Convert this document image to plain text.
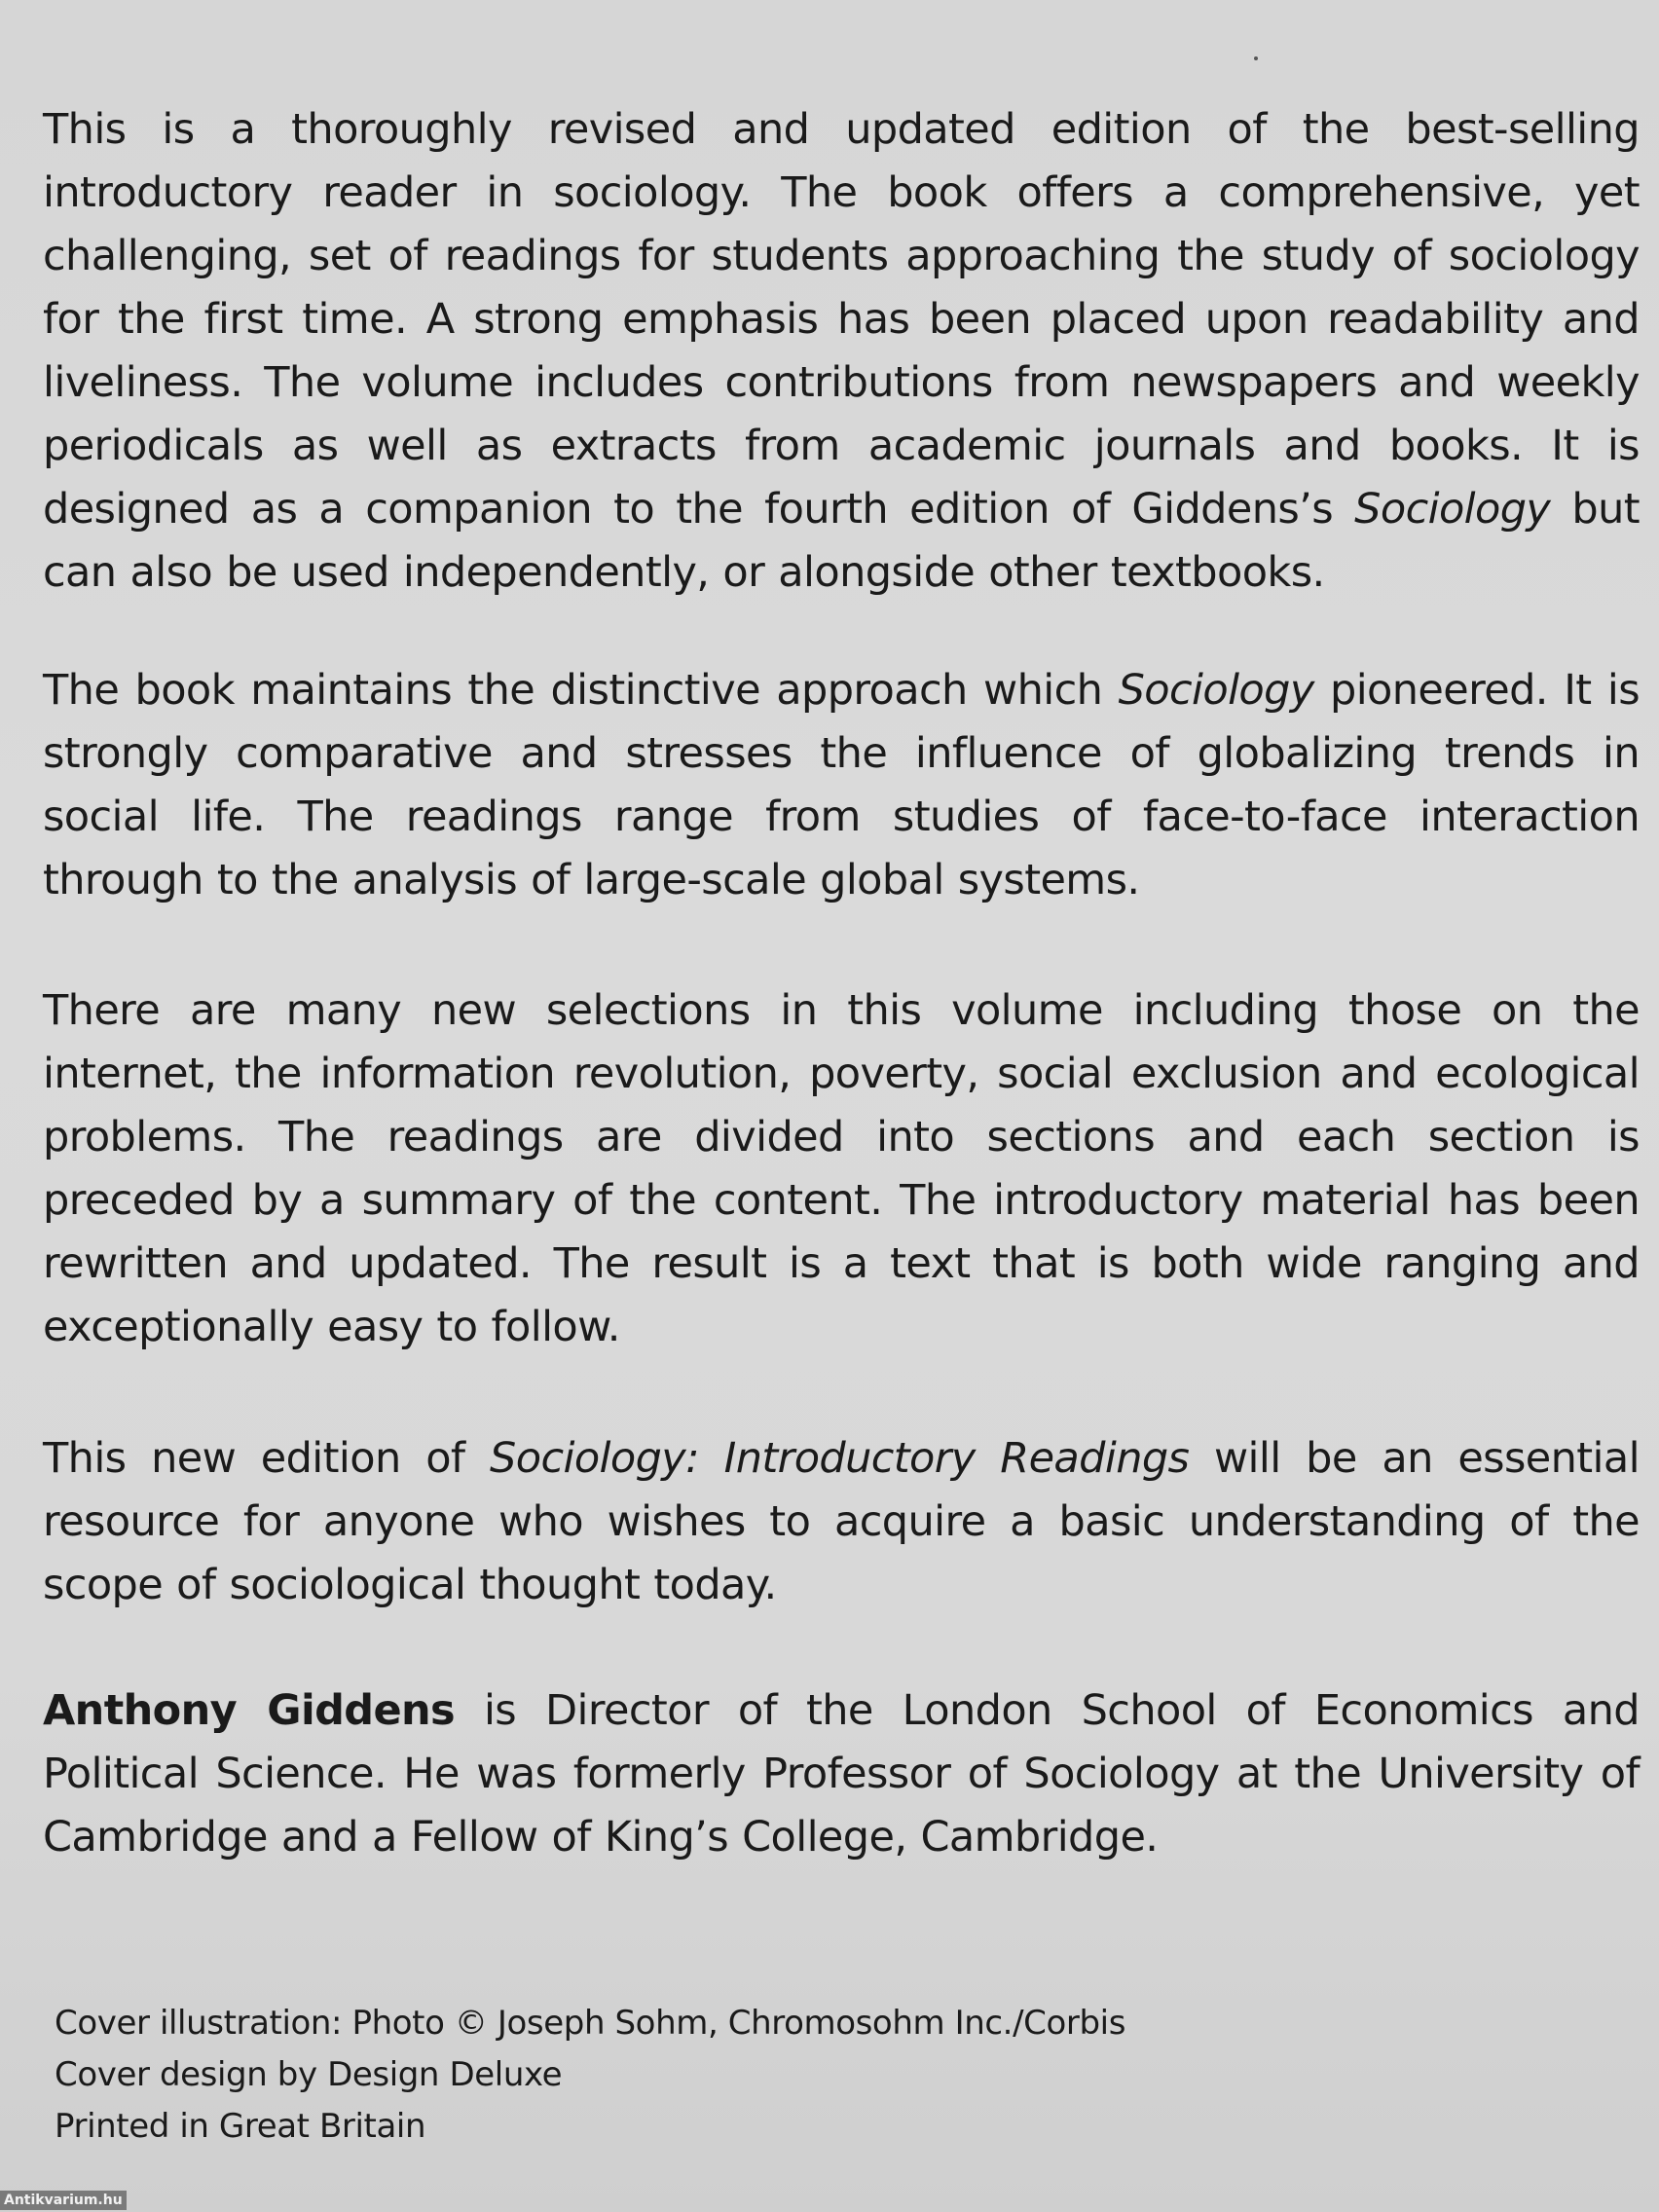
This is a thoroughly revised and updated edition of the best-selling introductory reader in sociology. The book offers a comprehensive, yet challenging, set of readings for students approaching the study of sociology for the first time. A strong emphasis has been placed upon readability and liveliness. The volume includes contributions from newspapers and weekly periodicals as well as extracts from academic journals and books. It is designed as a companion to the fourth edition of Giddens’s Sociology but can also be used independently, or alongside other textbooks.

The book maintains the distinctive approach which Sociology pioneered. It is strongly comparative and stresses the influence of globalizing trends in social life. The readings range from studies of face-to-face interaction through to the analysis of large-scale global systems.

There are many new selections in this volume including those on the internet, the information revolution, poverty, social exclusion and ecological problems. The readings are divided into sections and each section is preceded by a summary of the content. The introductory material has been rewritten and updated. The result is a text that is both wide ranging and exceptionally easy to follow.

This new edition of Sociology: Introductory Readings will be an essential resource for anyone who wishes to acquire a basic understanding of the scope of sociological thought today.

Anthony Giddens is Director of the London School of Economics and Political Science. He was formerly Professor of Sociology at the University of Cambridge and a Fellow of King’s College, Cambridge.

Cover illustration: Photo © Joseph Sohm, Chromosohm Inc./Corbis
Cover design by Design Deluxe
Printed in Great Britain
Antikvarium.hu
